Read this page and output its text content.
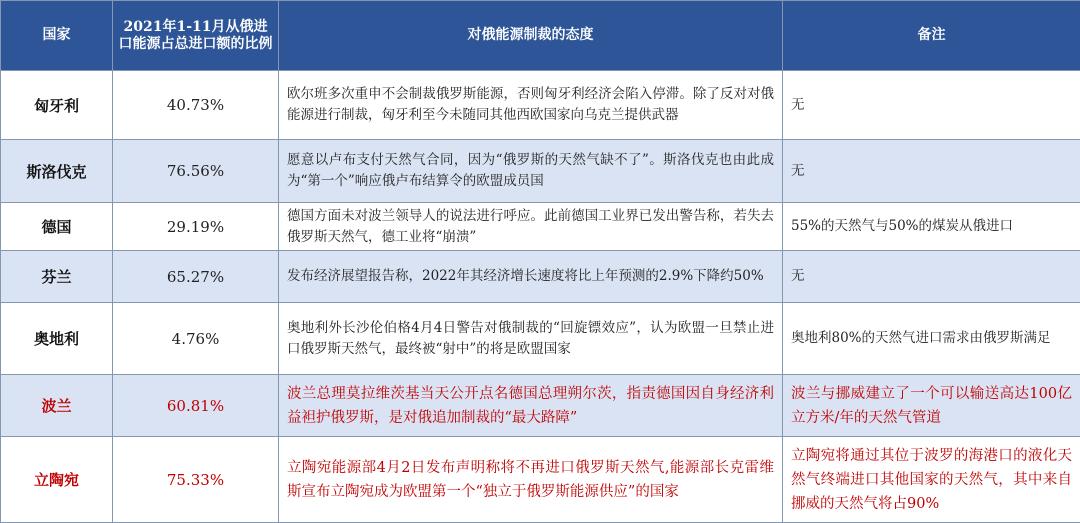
国家	2021年1-11月从俄进口能源占总进口额的比例	对俄能源制裁的态度	备注
匈牙利	40.73%	欧尔班多次重申不会制裁俄罗斯能源，否则匈牙利经济会陷入停滞。除了反对对俄能源进行制裁，匈牙利至今未随同其他西欧国家向乌克兰提供武器	无
斯洛伐克	76.56%	愿意以卢布支付天然气合同，因为“俄罗斯的天然气缺不了”。斯洛伐克也由此成为“第一个”响应俄卢布结算令的欧盟成员国	无
德国	29.19%	德国方面未对波兰领导人的说法进行呼应。此前德国工业界已发出警告称，若失去俄罗斯天然气，德工业将“崩溃”	55%的天然气与50%的煤炭从俄进口
芬兰	65.27%	发布经济展望报告称，2022年其经济增长速度将比上年预测的2.9%下降约50%	无
奥地利	4.76%	奥地利外长沙伦伯格4月4日警告对俄制裁的“回旋镖效应”，认为欧盟一旦禁止进口俄罗斯天然气，最终被“射中”的将是欧盟国家	奥地利80%的天然气进口需求由俄罗斯满足
波兰	60.81%	波兰总理莫拉维茨基当天公开点名德国总理朔尔茨，指责德国因自身经济利益袒护俄罗斯，是对俄追加制裁的“最大路障”	波兰与挪威建立了一个可以输送高达100亿立方米/年的天然气管道
立陶宛	75.33%	立陶宛能源部4月2日发布声明称将不再进口俄罗斯天然气,能源部长克雷维斯宣布立陶宛成为欧盟第一个“独立于俄罗斯能源供应”的国家	立陶宛将通过其位于波罗的海港口的液化天然气终端进口其他国家的天然气，其中来自挪威的天然气将占90%
